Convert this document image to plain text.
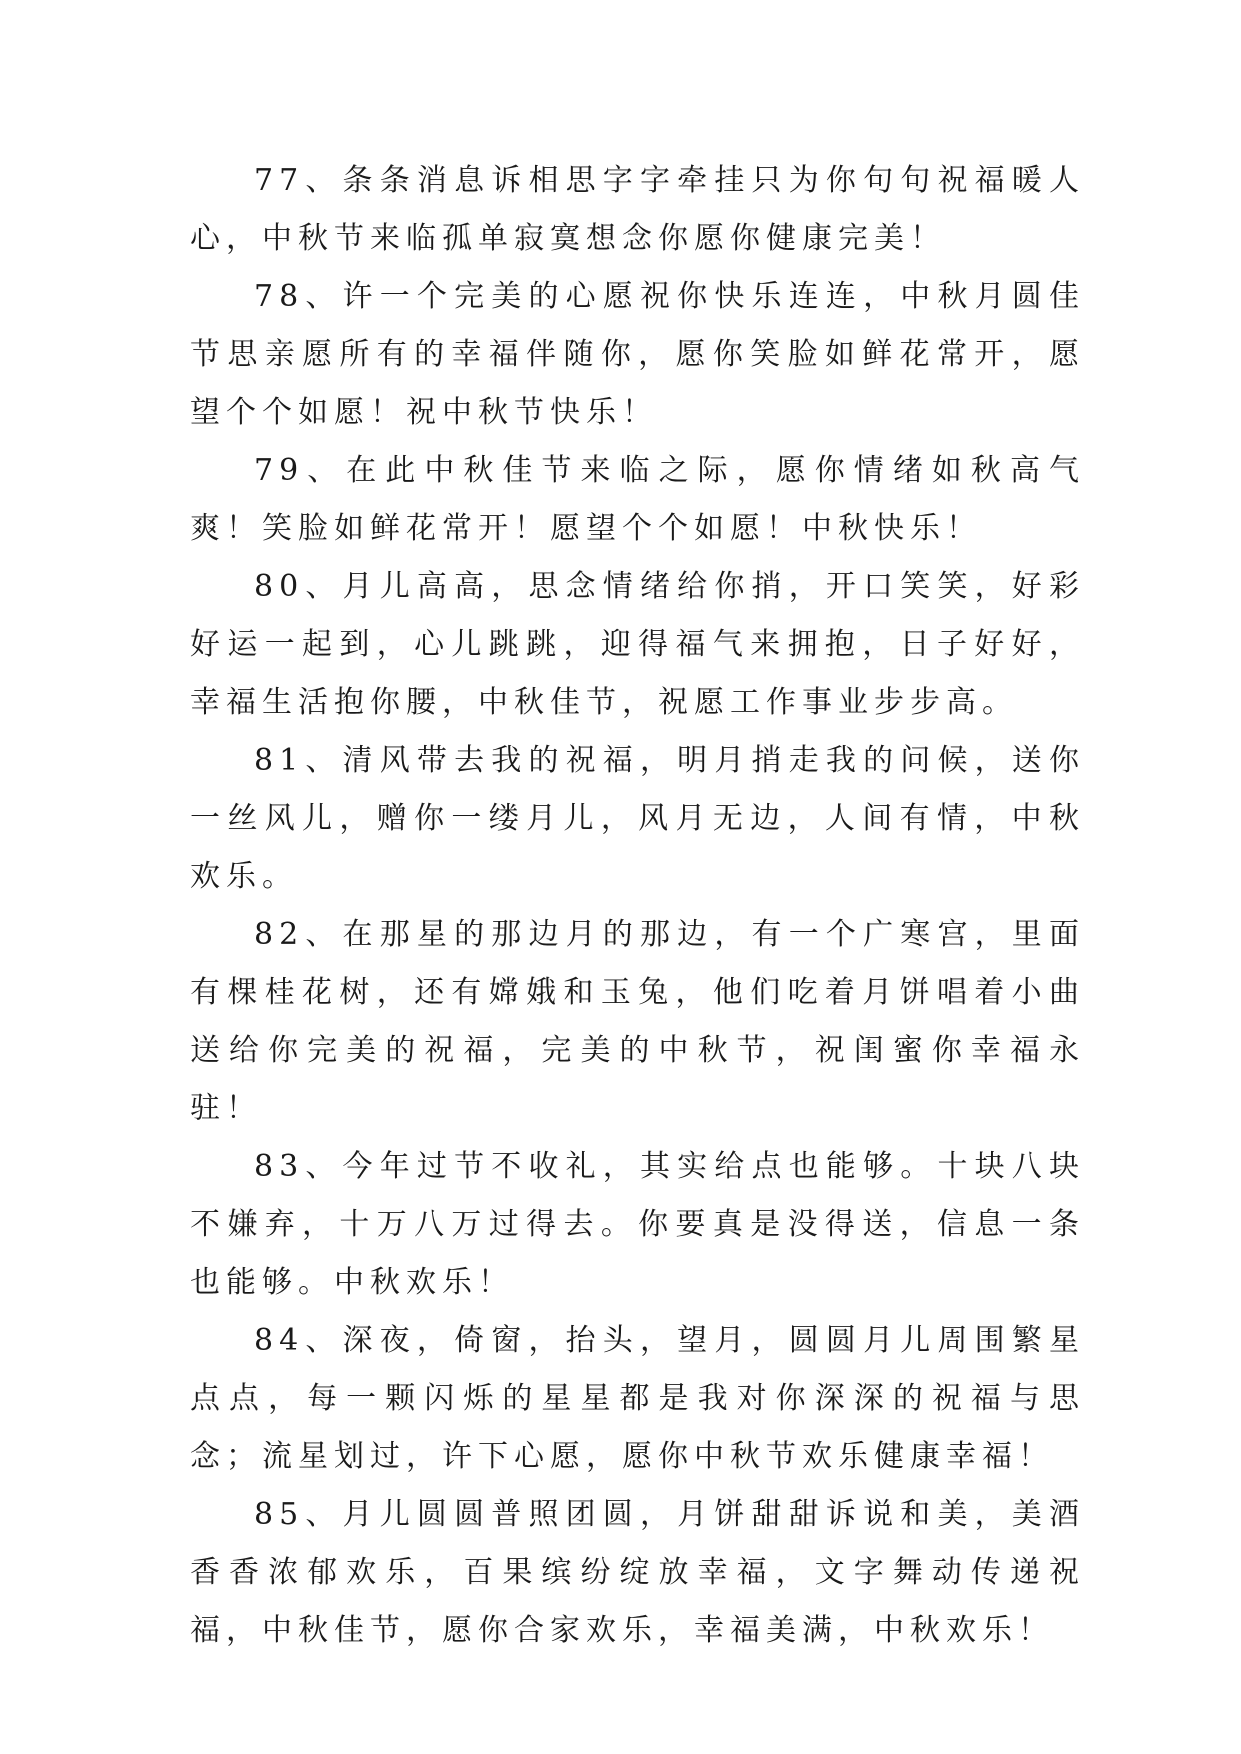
77、条条消息诉相思字字牵挂只为你句句祝福暖人心，中秋节来临孤单寂寞想念你愿你健康完美！

78、许一个完美的心愿祝你快乐连连，中秋月圆佳节思亲愿所有的幸福伴随你，愿你笑脸如鲜花常开，愿望个个如愿！祝中秋节快乐！

79、在此中秋佳节来临之际，愿你情绪如秋高气爽！笑脸如鲜花常开！愿望个个如愿！中秋快乐！

80、月儿高高，思念情绪给你捎，开口笑笑，好彩好运一起到，心儿跳跳，迎得福气来拥抱，日子好好，幸福生活抱你腰，中秋佳节，祝愿工作事业步步高。

81、清风带去我的祝福，明月捎走我的问候，送你一丝风儿，赠你一缕月儿，风月无边，人间有情，中秋欢乐。

82、在那星的那边月的那边，有一个广寒宫，里面有棵桂花树，还有嫦娥和玉兔，他们吃着月饼唱着小曲送给你完美的祝福，完美的中秋节，祝闺蜜你幸福永驻！

83、今年过节不收礼，其实给点也能够。十块八块不嫌弃，十万八万过得去。你要真是没得送，信息一条也能够。中秋欢乐！

84、深夜，倚窗，抬头，望月，圆圆月儿周围繁星点点，每一颗闪烁的星星都是我对你深深的祝福与思念；流星划过，许下心愿，愿你中秋节欢乐健康幸福！

85、月儿圆圆普照团圆，月饼甜甜诉说和美，美酒香香浓郁欢乐，百果缤纷绽放幸福，文字舞动传递祝福，中秋佳节，愿你合家欢乐，幸福美满，中秋欢乐！
